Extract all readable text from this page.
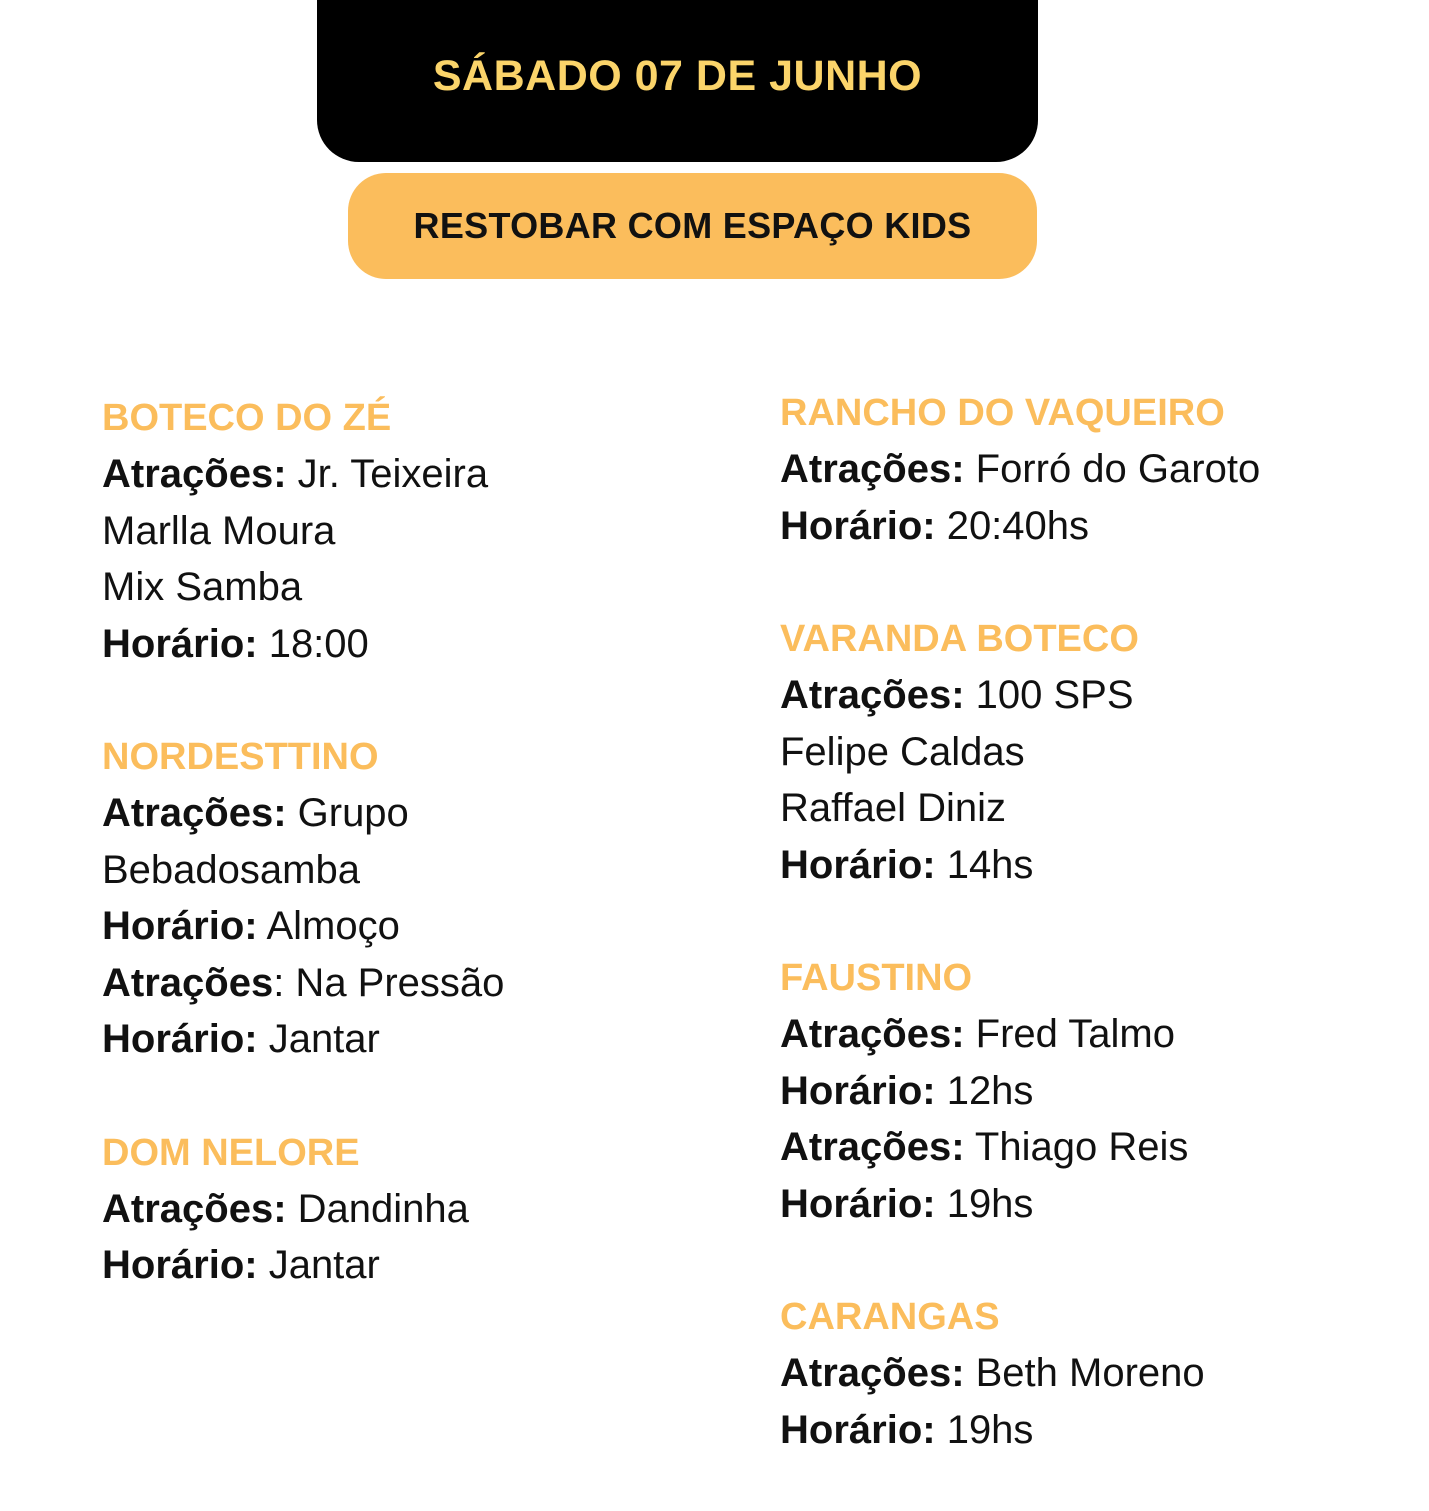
SÁBADO 07 DE JUNHO
RESTOBAR COM ESPAÇO KIDS
BOTECO DO ZÉ
Atrações: Jr. Teixeira
Marlla Moura
Mix Samba
Horário: 18:00
NORDESTTINO
Atrações: Grupo
Bebadosamba
Horário: Almoço
Atrações: Na Pressão
Horário: Jantar
DOM NELORE
Atrações: Dandinha
Horário: Jantar
RANCHO DO VAQUEIRO
Atrações: Forró do Garoto
Horário: 20:40hs
VARANDA BOTECO
Atrações: 100 SPS
Felipe Caldas
Raffael Diniz
Horário: 14hs
FAUSTINO
Atrações: Fred Talmo
Horário: 12hs
Atrações: Thiago Reis
Horário: 19hs
CARANGAS
Atrações: Beth Moreno
Horário: 19hs
